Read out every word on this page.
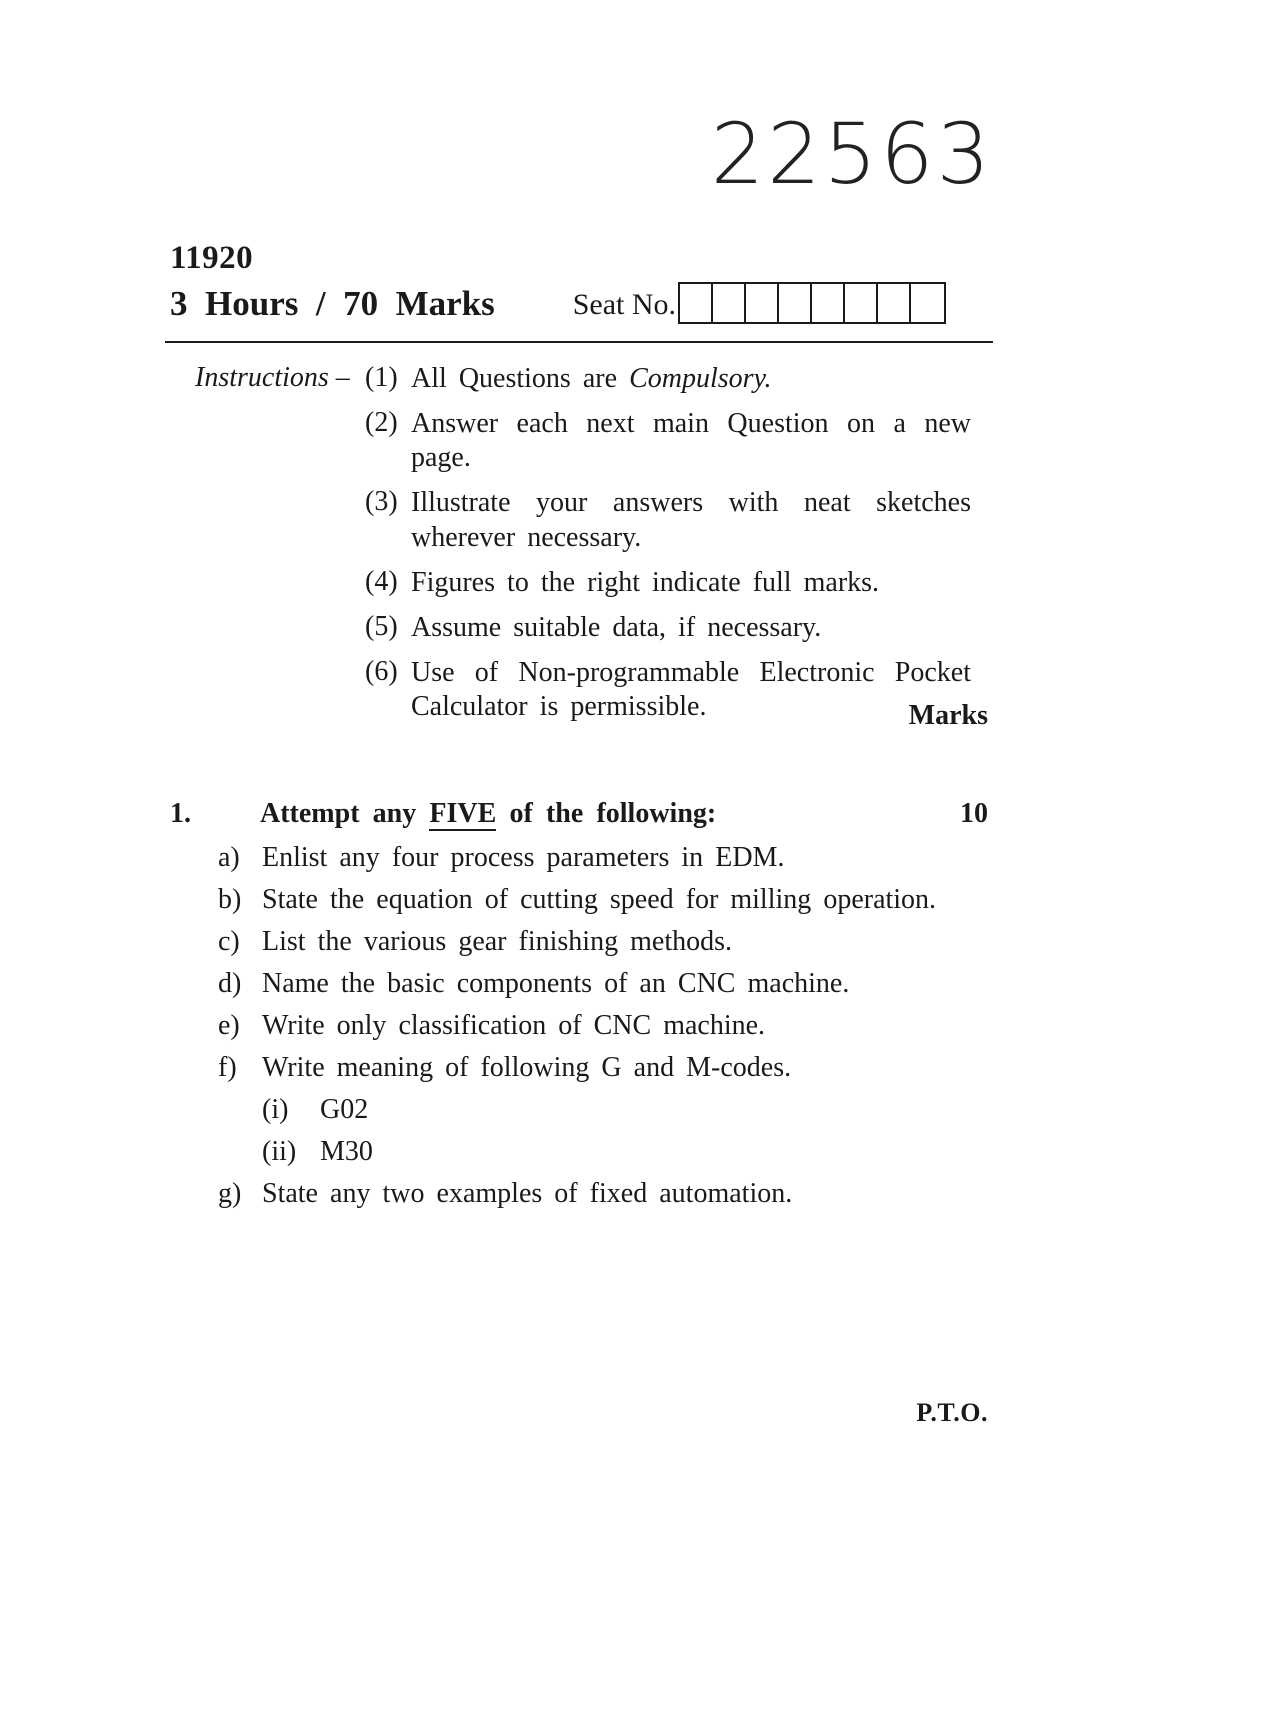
22563
11920
3 Hours / 70 Marks	Seat No.
Instructions – (1) All Questions are Compulsory.
(2) Answer each next main Question on a new page.
(3) Illustrate your answers with neat sketches wherever necessary.
(4) Figures to the right indicate full marks.
(5) Assume suitable data, if necessary.
(6) Use of Non-programmable Electronic Pocket Calculator is permissible.	Marks
1.	Attempt any FIVE of the following:	10
a) Enlist any four process parameters in EDM.
b) State the equation of cutting speed for milling operation.
c) List the various gear finishing methods.
d) Name the basic components of an CNC machine.
e) Write only classification of CNC machine.
f) Write meaning of following G and M-codes.
(i)	G02
(ii) M30
g) State any two examples of fixed automation.
P.T.O.
